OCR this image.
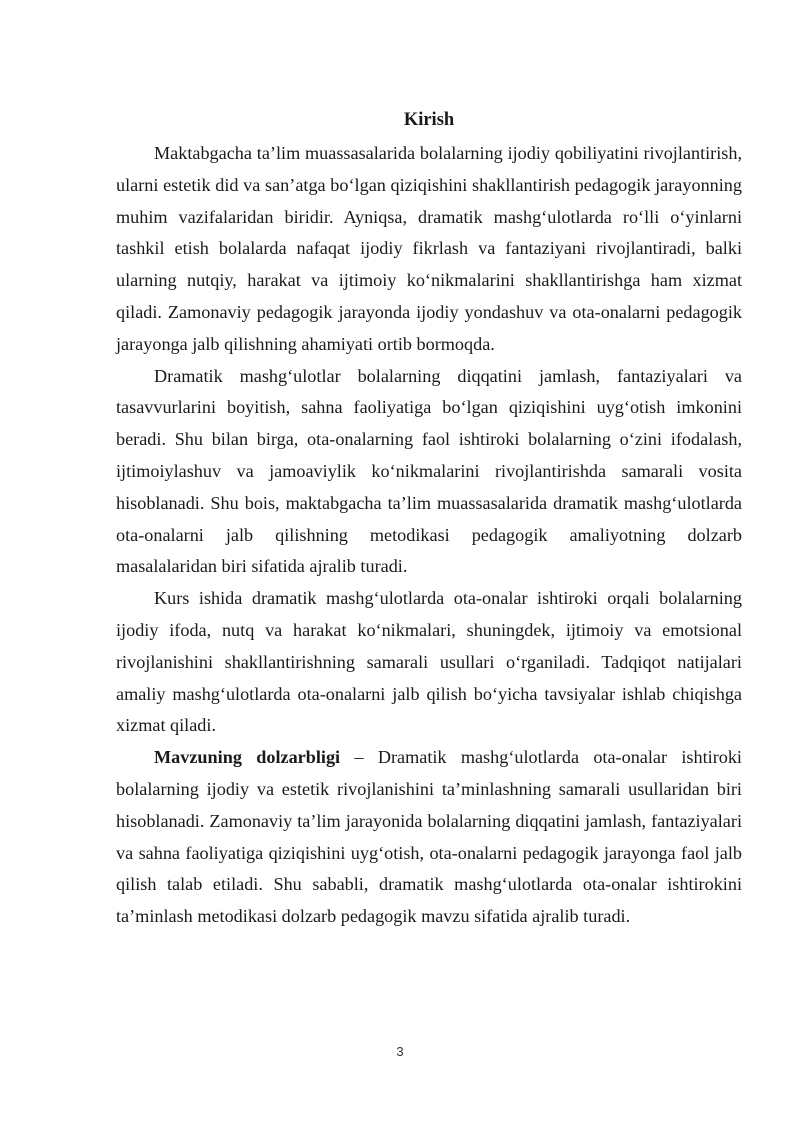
Kirish

Maktabgacha ta’lim muassasalarida bolalarning ijodiy qobiliyatini rivojlantirish, ularni estetik did va san’atga bo‘lgan qiziqishini shakllantirish pedagogik jarayonning muhim vazifalaridan biridir. Ayniqsa, dramatik mashg‘ulotlarda ro‘lli o‘yinlarni tashkil etish bolalarda nafaqat ijodiy fikrlash va fantaziyani rivojlantiradi, balki ularning nutqiy, harakat va ijtimoiy ko‘nikmalarini shakllantirishga ham xizmat qiladi. Zamonaviy pedagogik jarayonda ijodiy yondashuv va ota-onalarni pedagogik jarayonga jalb qilishning ahamiyati ortib bormoqda.

Dramatik mashg‘ulotlar bolalarning diqqatini jamlash, fantaziyalari va tasavvurlarini boyitish, sahna faoliyatiga bo‘lgan qiziqishini uyg‘otish imkonini beradi. Shu bilan birga, ota-onalarning faol ishtiroki bolalarning o‘zini ifodalash, ijtimoiylashuv va jamoaviylik ko‘nikmalarini rivojlantirishda samarali vosita hisoblanadi. Shu bois, maktabgacha ta’lim muassasalarida dramatik mashg‘ulotlarda ota-onalarni jalb qilishning metodikasi pedagogik amaliyotning dolzarb masalalaridan biri sifatida ajralib turadi.

Kurs ishida dramatik mashg‘ulotlarda ota-onalar ishtiroki orqali bolalarning ijodiy ifoda, nutq va harakat ko‘nikmalari, shuningdek, ijtimoiy va emotsional rivojlanishini shakllantirishning samarali usullari o‘rganiladi. Tadqiqot natijalari amaliy mashg‘ulotlarda ota-onalarni jalb qilish bo‘yicha tavsiyalar ishlab chiqishga xizmat qiladi.

Mavzuning dolzarbligi – Dramatik mashg‘ulotlarda ota-onalar ishtiroki bolalarning ijodiy va estetik rivojlanishini ta’minlashning samarali usullaridan biri hisoblanadi. Zamonaviy ta’lim jarayonida bolalarning diqqatini jamlash, fantaziyalari va sahna faoliyatiga qiziqishini uyg‘otish, ota-onalarni pedagogik jarayonga faol jalb qilish talab etiladi. Shu sababli, dramatik mashg‘ulotlarda ota-onalar ishtirokini ta’minlash metodikasi dolzarb pedagogik mavzu sifatida ajralib turadi.

3
